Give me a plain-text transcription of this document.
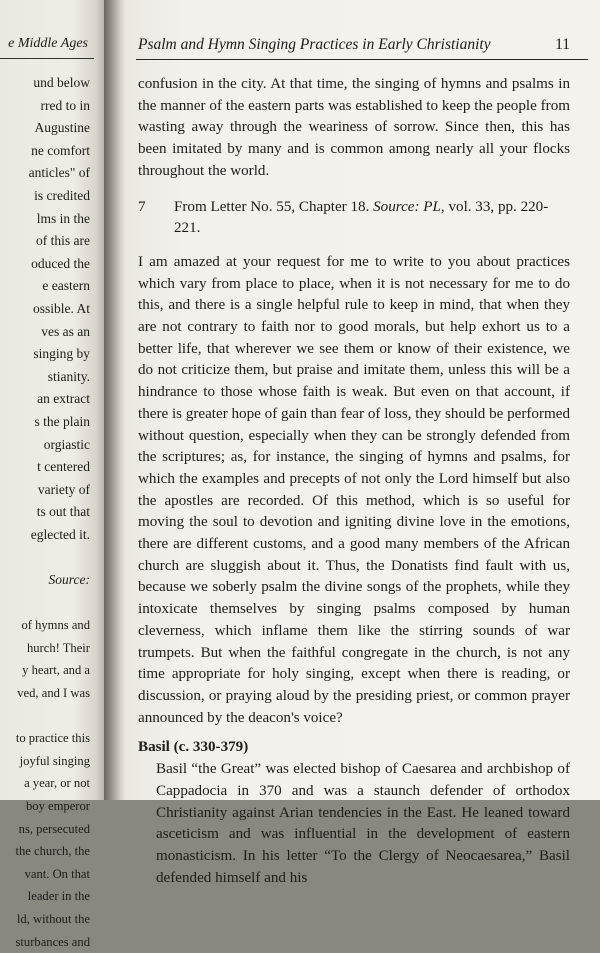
e Middle Ages
und below
rred to in
Augustine
ne comfort
anticles" of
is credited
lms in the
of this are
oduced the
e eastern
ossible. At
ves as an
singing by
stianity.
an extract
s the plain
orgiastic
t centered
variety of
ts out that
eglected it.
Source:
of hymns and
hurch! Their
y heart, and a
ved, and I was
to practice this
joyful singing
a year, or not
boy emperor
ns, persecuted
the church, the
vant. On that
leader in the
ld, without the
sturbances and
Psalm and Hymn Singing Practices in Early Christianity	11

confusion in the city. At that time, the singing of hymns and psalms in the manner of the eastern parts was established to keep the people from wasting away through the weariness of sorrow. Since then, this has been imitated by many and is common among nearly all your flocks throughout the world.

7	From Letter No. 55, Chapter 18. Source: PL, vol. 33, pp. 220-221.

I am amazed at your request for me to write to you about practices which vary from place to place, when it is not necessary for me to do this, and there is a single helpful rule to keep in mind, that when they are not contrary to faith nor to good morals, but help exhort us to a better life, that wherever we see them or know of their existence, we do not criticize them, but praise and imitate them, unless this will be a hindrance to those whose faith is weak. But even on that account, if there is greater hope of gain than fear of loss, they should be performed without question, especially when they can be strongly defended from the scriptures; as, for instance, the singing of hymns and psalms, for which the examples and precepts of not only the Lord himself but also the apostles are recorded. Of this method, which is so useful for moving the soul to devotion and igniting divine love in the emotions, there are different customs, and a good many members of the African church are sluggish about it. Thus, the Donatists find fault with us, because we soberly psalm the divine songs of the prophets, while they intoxicate themselves by singing psalms composed by human cleverness, which inflame them like the stirring sounds of war trumpets. But when the faithful congregate in the church, is not any time appropriate for holy singing, except when there is reading, or discussion, or praying aloud by the presiding priest, or common prayer announced by the deacon's voice?

Basil (c. 330-379)

Basil “the Great” was elected bishop of Caesarea and archbishop of Cappadocia in 370 and was a staunch defender of orthodox Christianity against Arian tendencies in the East. He leaned toward asceticism and was influential in the development of eastern monasticism. In his letter “To the Clergy of Neocaesarea,” Basil defended himself and his
